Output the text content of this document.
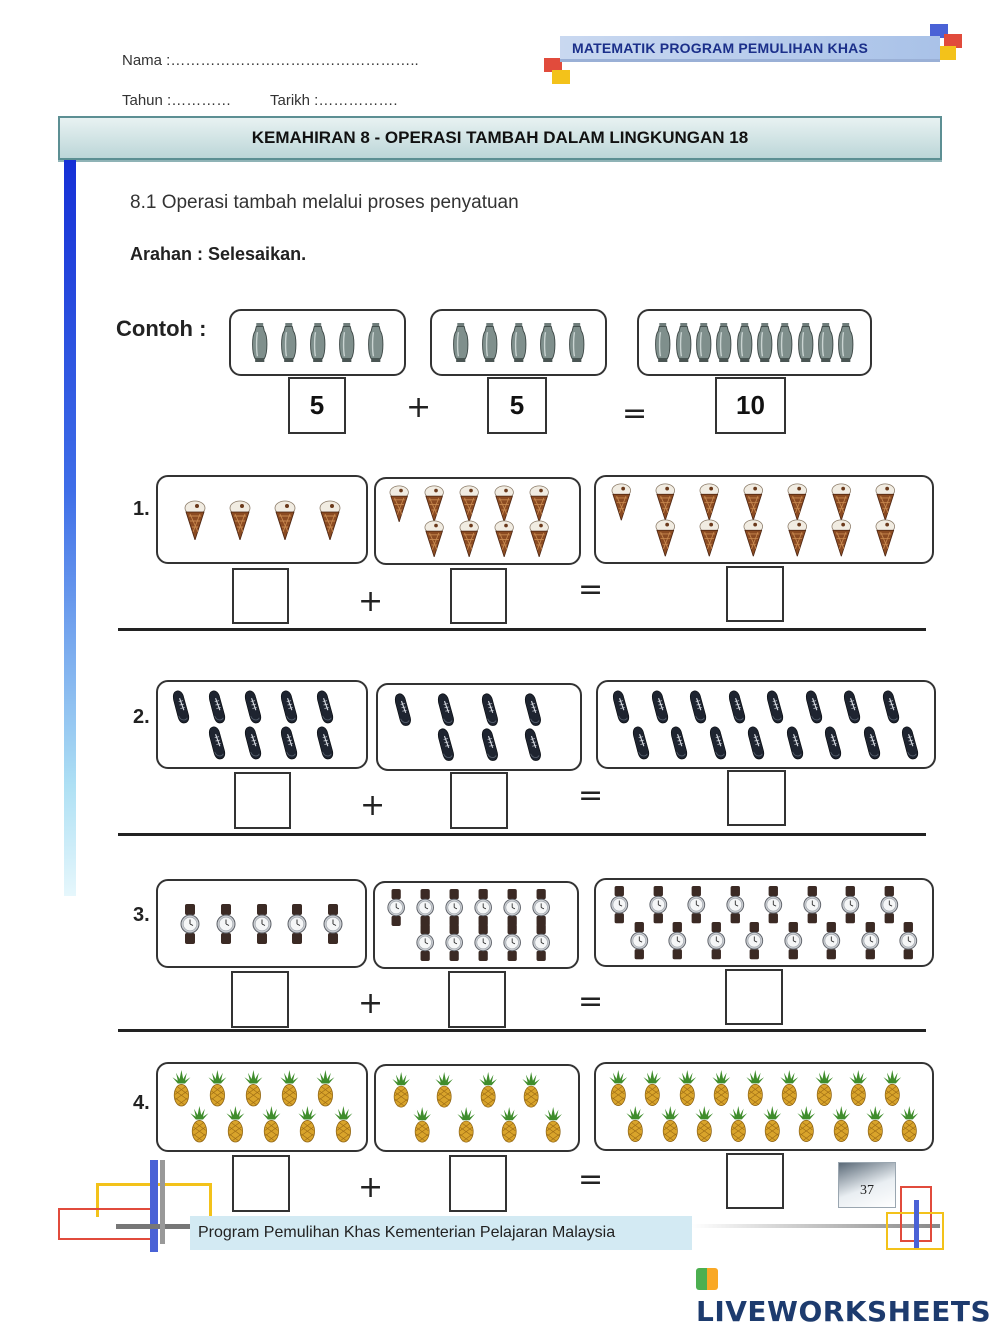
Nama :…………………………………………..
Tahun :…………	Tarikh :…………….
MATEMATIK PROGRAM PEMULIHAN KHAS
KEMAHIRAN 8 - OPERASI TAMBAH DALAM LINGKUNGAN 18
8.1 Operasi tambah melalui proses penyatuan
Arahan : Selesaikan.
Contoh :
5	+	5	=	10
1.
+	=
2.
+	=
3.
+	=
4.
+	=
Program Pemulihan Khas Kementerian Pelajaran Malaysia
37
LIVEWORKSHEETS
